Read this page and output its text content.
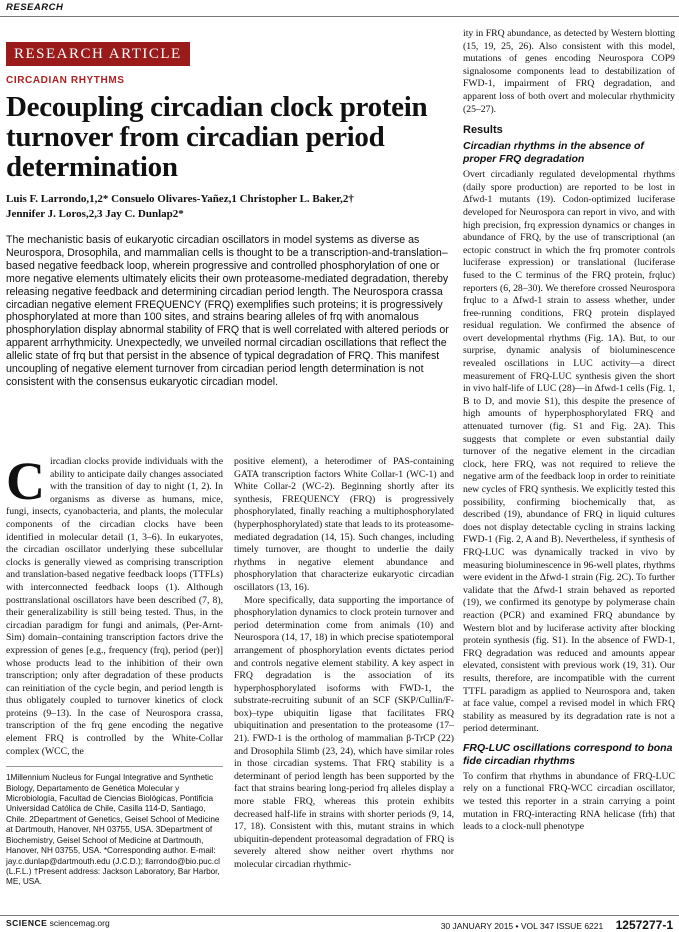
RESEARCH
RESEARCH ARTICLE
CIRCADIAN RHYTHMS
Decoupling circadian clock protein turnover from circadian period determination
Luis F. Larrondo,1,2* Consuelo Olivares-Yañez,1 Christopher L. Baker,2†
Jennifer J. Loros,2,3 Jay C. Dunlap2*
The mechanistic basis of eukaryotic circadian oscillators in model systems as diverse as Neurospora, Drosophila, and mammalian cells is thought to be a transcription-and-translation–based negative feedback loop, wherein progressive and controlled phosphorylation of one or more negative elements ultimately elicits their own proteasome-mediated degradation, thereby releasing negative feedback and determining circadian period length. The Neurospora crassa circadian negative element FREQUENCY (FRQ) exemplifies such proteins; it is progressively phosphorylated at more than 100 sites, and strains bearing alleles of frq with anomalous phosphorylation display abnormal stability of FRQ that is well correlated with altered periods or apparent arrhythmicity. Unexpectedly, we unveiled normal circadian oscillations that reflect the allelic state of frq but that persist in the absence of typical degradation of FRQ. This manifest uncoupling of negative element turnover from circadian period length determination is not consistent with the consensus eukaryotic circadian model.
Circadian clocks provide individuals with the ability to anticipate daily changes associated with the transition of day to night (1, 2). In organisms as diverse as humans, mice, fungi, insects, cyanobacteria, and plants, the molecular components of the circadian clocks have been identified in molecular detail (1, 3–6). In eukaryotes, the circadian oscillator underlying these subcellular clocks is generally viewed as comprising transcription and translation-based negative feedback loops (TTFLs) with interconnected feedback loops (1). Although posttranslational oscillators have been described (7, 8), their generalizability is still being tested. Thus, in the circadian paradigm for fungi and animals, (Per-Arnt-Sim) domain–containing transcription factors drive the expression of genes [e.g., frequency (frq), period (per)] whose products lead to the inhibition of their own transcription; only after degradation of these products can reinitiation of the cycle begin, and period length is thus obligately coupled to turnover kinetics of clock proteins (9–13). In the case of Neurospora crassa, transcription of the frq gene encoding the negative element FRQ is controlled by the White-Collar complex (WCC, the
1Millennium Nucleus for Fungal Integrative and Synthetic Biology, Departamento de Genética Molecular y Microbiología, Facultad de Ciencias Biológicas, Pontificia Universidad Católica de Chile, Casilla 114-D, Santiago, Chile. 2Department of Genetics, Geisel School of Medicine at Dartmouth, Hanover, NH 03755, USA. 3Department of Biochemistry, Geisel School of Medicine at Dartmouth, Hanover, NH 03755, USA. *Corresponding author. E-mail: jay.c.dunlap@dartmouth.edu (J.C.D.); llarrondo@bio.puc.cl (L.F.L.) †Present address: Jackson Laboratory, Bar Harbor, ME, USA.
positive element), a heterodimer of PAS-containing GATA transcription factors White Collar-1 (WC-1) and White Collar-2 (WC-2). Beginning shortly after its synthesis, FREQUENCY (FRQ) is progressively phosphorylated, finally reaching a multiphosphorylated (hyperphosphorylated) state that leads to its proteasome-mediated degradation (14, 15). Such changes, including timely turnover, are thought to underlie the daily rhythms in negative element abundance and phosphorylation that characterize eukaryotic circadian oscillators (13, 16).
More specifically, data supporting the importance of phosphorylation dynamics to clock protein turnover and period determination come from animals (10) and Neurospora (14, 17, 18) in which precise spatiotemporal arrangement of phosphorylation events dictates period and controls negative element stability. A key aspect in FRQ degradation is the association of its hyperphosphorylated isoforms with FWD-1, the substrate-recruiting subunit of an SCF (SKP/Cullin/F-box)–type ubiquitin ligase that facilitates FRQ ubiquitination and presentation to the proteasome (17–21). FWD-1 is the ortholog of mammalian β-TrCP (22) and Drosophila Slimb (23, 24), which have similar roles in those circadian systems. That FRQ stability is a determinant of period length has been supported by the fact that strains bearing long-period frq alleles display a more stable FRQ, whereas this protein exhibits decreased half-life in strains with shorter periods (9, 14, 17, 18). Consistent with this, mutant strains in which ubiquitin-dependent proteasomal degradation of FRQ is severely altered show neither overt rhythms nor molecular circadian rhythmic-
ity in FRQ abundance, as detected by Western blotting (15, 19, 25, 26). Also consistent with this model, mutations of genes encoding Neurospora COP9 signalosome components lead to destabilization of FWD-1, impairment of FRQ degradation, and apparent loss of both overt and molecular rhythmicity (25–27).
Results
Circadian rhythms in the absence of proper FRQ degradation
Overt circadianly regulated developmental rhythms (daily spore production) are reported to be lost in Δfwd-1 mutants (19). Codon-optimized luciferase developed for Neurospora can report in vivo, and with high precision, frq expression dynamics or changes in abundance of FRQ, by the use of transcriptional (an ectopic construct in which the frq promoter controls luciferase expression) or translational (luciferase fused to the C terminus of the FRQ protein, frqluc) reporters (6, 28–30). We therefore crossed Neurospora frqluc to a Δfwd-1 strain to assess whether, under free-running conditions, FRQ protein displayed residual regulation. We confirmed the absence of overt developmental rhythms (Fig. 1A). But, to our surprise, dynamic analysis of bioluminescence revealed oscillations in LUC activity—a direct measurement of FRQ-LUC synthesis given the short in vivo half-life of LUC (28)—in Δfwd-1 cells (Fig. 1, B to D, and movie S1), this despite the presence of high amounts of hyperphosphorylated FRQ and attenuated turnover (fig. S1 and Fig. 2A). This suggests that complete or even substantial daily turnover of the negative element in the circadian clock, here FRQ, was not required to relieve the negative arm of the feedback loop in order to reinitiate new cycles of FRQ synthesis. We explicitly tested this possibility, confirming biochemically that, as described (19), abundance of FRQ in liquid cultures does not display detectable cycling in strains lacking FWD-1 (Fig. 2, A and B). Nevertheless, if synthesis of FRQ-LUC was dynamically tracked in vivo by measuring bioluminescence in 96-well plates, rhythms were evident in the Δfwd-1 strain (Fig. 2C). To further validate that the Δfwd-1 strain behaved as reported (19), we confirmed its genotype by polymerase chain reaction (PCR) and examined FRQ abundance by Western blot and by luciferase activity after blocking protein synthesis (fig. S1). In the absence of FWD-1, FRQ degradation was reduced and amounts appear elevated, consistent with previous work (19, 31). Our results, therefore, are incompatible with the current TTFL paradigm as applied to Neurospora and, taken at face value, compel a revised model in which FRQ stability as measured by its degradation rate is not a period determinant.
FRQ-LUC oscillations correspond to bona fide circadian rhythms
To confirm that rhythms in abundance of FRQ-LUC rely on a functional FRQ-WCC circadian oscillator, we tested this reporter in a strain carrying a point mutation in FRQ-interacting RNA helicase (frh) that leads to a clock-null phenotype
SCIENCE sciencemag.org	30 JANUARY 2015 • VOL 347 ISSUE 6221 1257277-1
